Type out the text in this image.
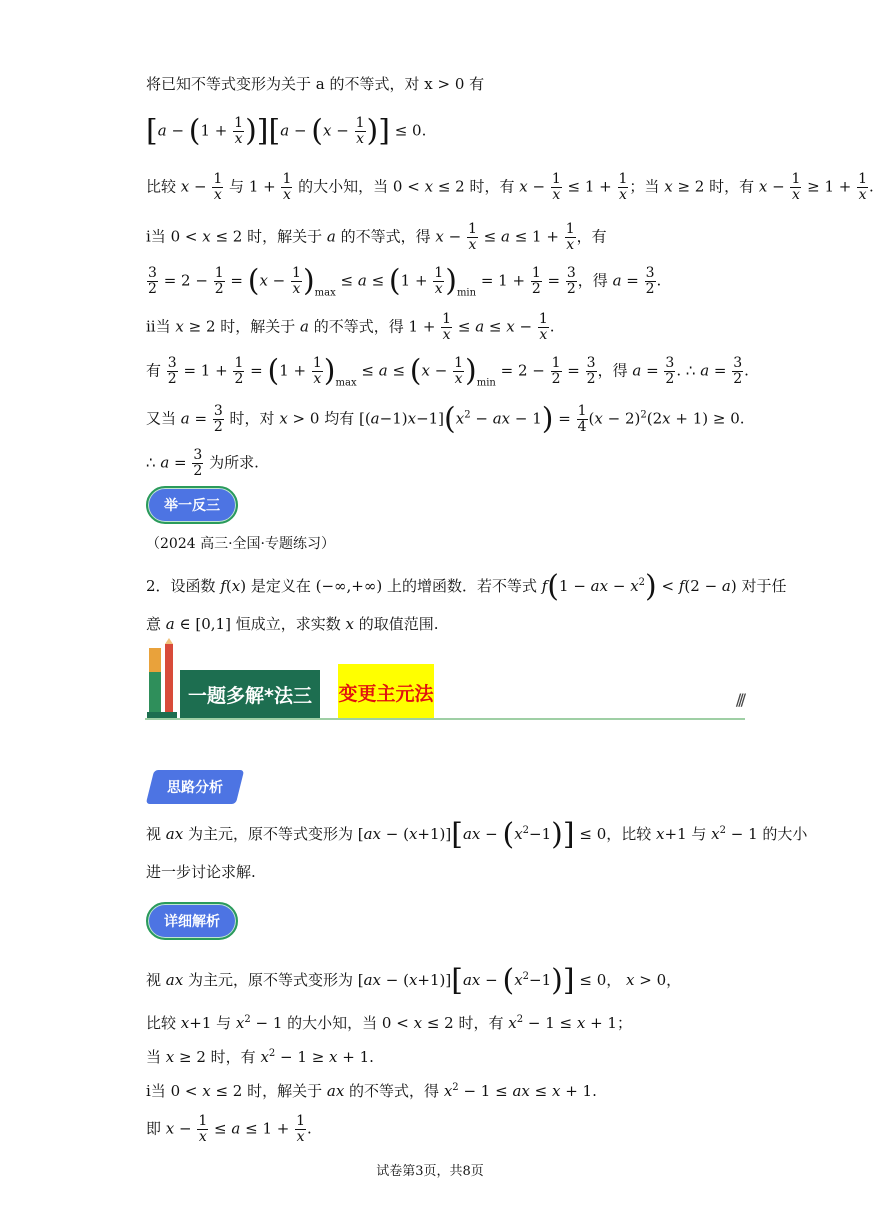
将已知不等式变形为关于 a 的不等式，对 x > 0 有
$[a - (1 + \frac{1}{x} )][a - (x - \frac{1}{x}$ )] ≤ 0.
比较 $x - \frac{1}{x}$ 与 $1 + \frac{1}{x}$ 的大小知，当 0 < x ≤ 2 时，有 $x - \frac{1}{x} \le 1 + \frac{1}{x}$ ；当 x ≥ 2 时，有 $x - \frac{1}{x} \ge 1 + \frac{1}{x}$ .
i当 0 < x ≤ 2 时，解关于 a 的不等式，得 $x - \frac{1}{x} \le a \le 1 + \frac{1}{x}$ ，有
$\frac{3}{2} = 2 - \frac{1}{2} = (x - \frac{1}{x} )_{max} \le a \le (1 + \frac{1}{x} )_{min} = 1 + \frac{1}{2} = \frac{3}{2}$ ，得 $a = \frac{3}{2}$ .
ii当 x ≥ 2 时，解关于 a 的不等式，得 $1 + \frac{1}{x} \le a \le x - \frac{1}{x}$ .
有 $\frac{3}{2} = 1 + \frac{1}{2} = (1 + \frac{1}{x} )_{max} \le a \le (x - \frac{1}{x} )_{min} = 2 - \frac{1}{2} = \frac{3}{2}$ ，得 $a = \frac{3}{2}$ . ∴ $a = \frac{3}{2}$ .
又当 $a = \frac{3}{2}$ 时，对 x > 0 均有 $[(a-1)x-1](x^2$ − ax − $1) = \frac{1}{4} (x - 2)^2(2x + 1) \ge 0$.
∴ $a = \frac{3}{2}$ 为所求.
举一反三
（2024 高三·全国·专题练习）
2．设函数 f(x) 是定义在 (−∞,+∞) 上的增函数．若不等式 f(1 − ax − $x^2) < f(2 - a)$ 对于任
意 a ∈ [0,1] 恒成立，求实数 x 的取值范围.
一题多解*法三	变更主元法	///
思路分析
视 ax 为主元，原不等式变形为 $[ax - (x+1)][ax - (x^2-1)] \le 0$，比较 x+1 与 $x^2 - 1$ 的大小
进一步讨论求解.
详细解析
视 ax 为主元，原不等式变形为 $[ax - (x+1)][ax - (x^2-1)] \le 0$， x > 0，
比较 x+1 与 $x^2 - 1$ 的大小知，当 0 < x ≤ 2 时，有 $x^2 - 1 \le x + 1$；
当 x ≥ 2 时，有 $x^2 - 1 \ge x + 1$.
i当 0 < x ≤ 2 时，解关于 ax 的不等式，得 $x^2 - 1$ ≤ ax ≤ x + 1.
即 $x - \frac{1}{x} \le a \le 1 + \frac{1}{x}$ .
试卷第3页，共8页
